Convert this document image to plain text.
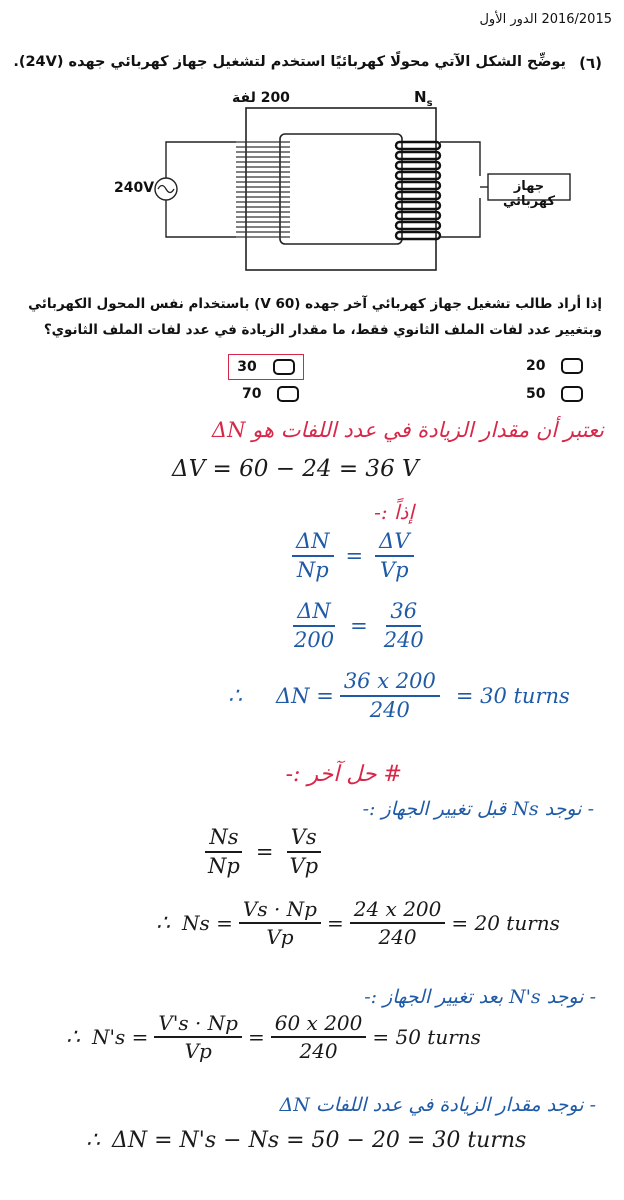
2016/2015 الدور الأول
(٦)
يوضِّح الشكل الآتي محولًا كهربائيًا استخدم لتشغيل جهاز كهربائي جهده (24V).
200 لفة	$N_s$
240V	جهاز كهربائي
إذا أراد طالب تشغيل جهاز كهربائي آخر جهده (60 V) باستخدام نفس المحول الكهربائي
وبتغيير عدد لفات الملف الثانوي فقط، ما مقدار الزيادة في عدد لفات الملف الثانوي؟
30	20
70	50
نعتبر أن مقدار الزيادة في عدد اللفات هو ΔN
ΔV = 60 − 24 = 36 V
إذاً :-
$\frac{\Delta N}{Np} = \frac{\Delta V}{Vp}$
$\frac{\Delta N}{200} = \frac{36}{240}$
∴ $\Delta N = \frac{36 x 200}{240} = 30$ turns
# حل آخر :-
- نوجد Ns قبل تغيير الجهاز :-
$\frac{Ns}{Np} = \frac{Vs}{Vp}$
∴ $Ns = \frac{Vs \cdot Np}{Vp} = \frac{24 x 200}{240} = 20$ turns
- نوجد N's بعد تغيير الجهاز :-
∴ $N's = \frac{V's \cdot Np}{Vp} = \frac{60 x 200}{240} = 50$ turns
- نوجد مقدار الزيادة في عدد اللفات ΔN
∴ ΔN = N's − Ns = 50 − 20 = 30 turns
